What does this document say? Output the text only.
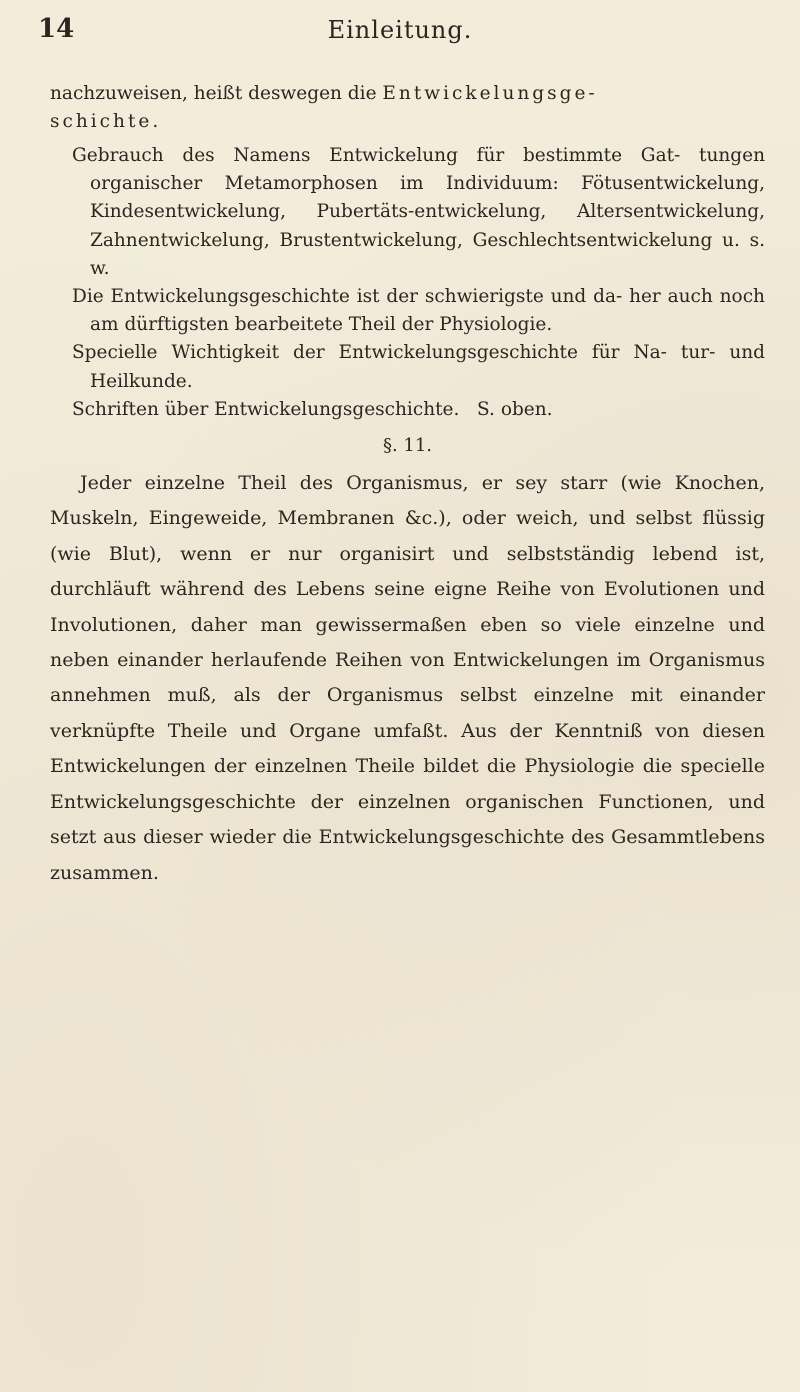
14	Einleitung.

nachzuweisen, heißt deswegen die Entwickelungsge-
schichte.

Gebrauch des Namens Entwickelung für bestimmte Gat- tungen organischer Metamorphosen im Individuum: Fötusentwickelung, Kindesentwickelung, Pubertäts-entwickelung, Altersentwickelung, Zahnentwickelung, Brustentwickelung, Geschlechtsentwickelung u. s. w.

Die Entwickelungsgeschichte ist der schwierigste und da- her auch noch am dürftigsten bearbeitete Theil der Physiologie.

Specielle Wichtigkeit der Entwickelungsgeschichte für Na- tur- und Heilkunde.

Schriften über Entwickelungsgeschichte. S. oben.

§. 11.

Jeder einzelne Theil des Organismus, er sey starr (wie Knochen, Muskeln, Eingeweide, Membranen &c.), oder weich, und selbst flüssig (wie Blut), wenn er nur organisirt und selbstständig lebend ist, durchläuft während des Lebens seine eigne Reihe von Evolutionen und Involutionen, daher man gewissermaßen eben so viele einzelne und neben einander herlaufende Reihen von Entwickelungen im Organismus annehmen muß, als der Organismus selbst einzelne mit einander verknüpfte Theile und Organe umfaßt. Aus der Kenntniß von diesen Entwickelungen der einzelnen Theile bildet die Physiologie die specielle Entwickelungsgeschichte der einzelnen organischen Functionen, und setzt aus dieser wieder die Entwickelungsgeschichte des Gesammtlebens zusammen.
